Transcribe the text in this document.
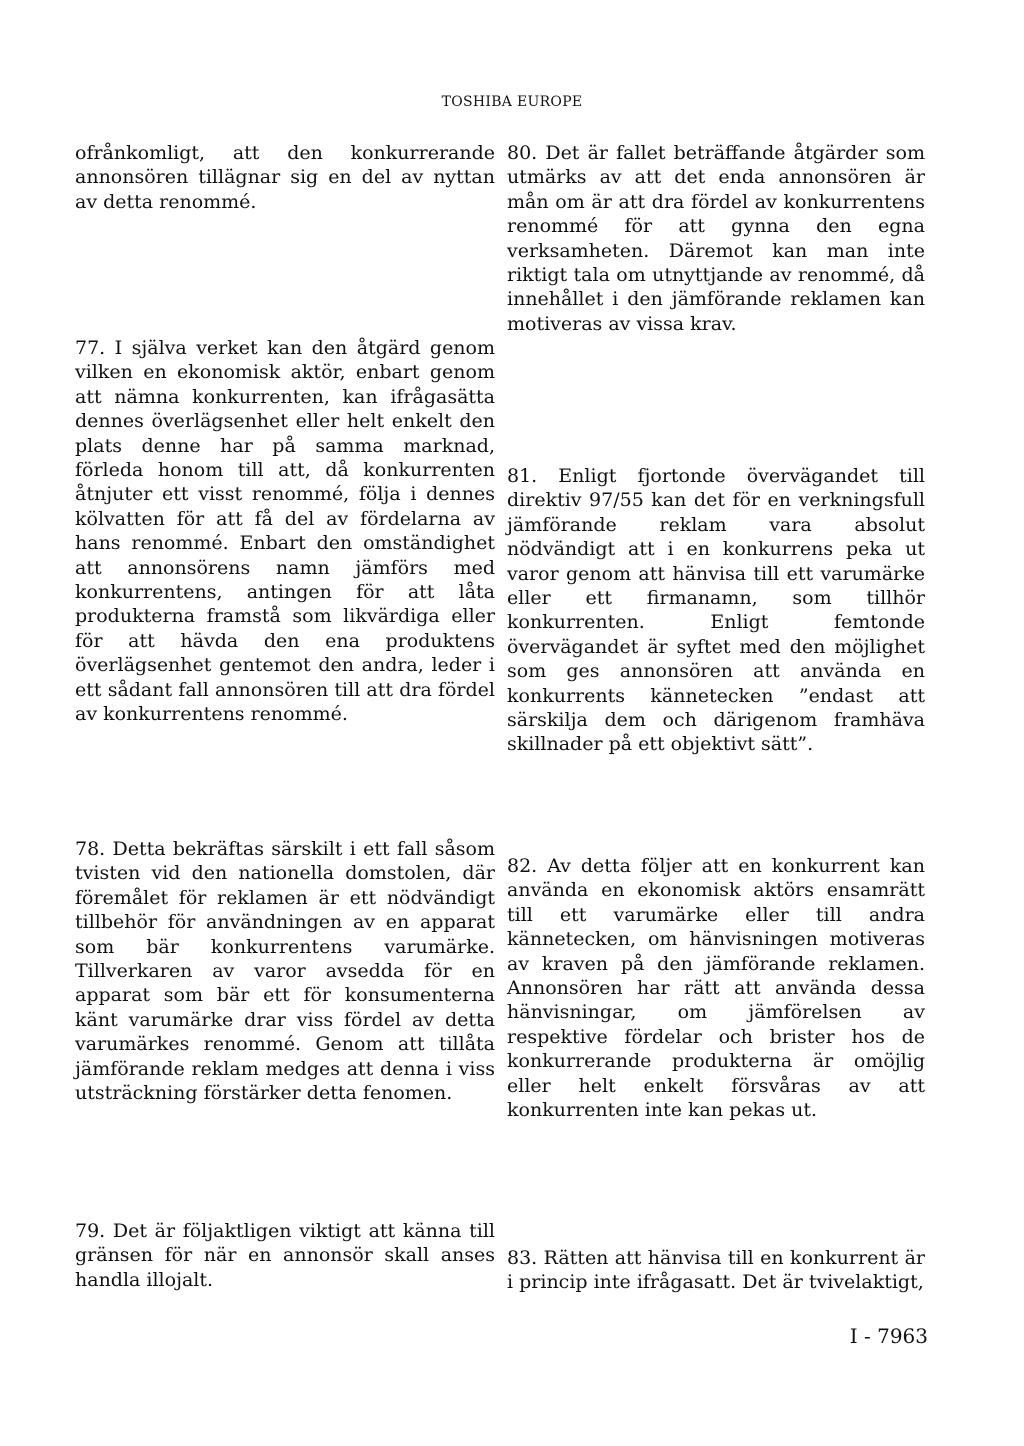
TOSHIBA EUROPE

ofrånkomligt, att den konkurrerande annonsören tillägnar sig en del av nyttan av detta renommé.

77. I själva verket kan den åtgärd genom vilken en ekonomisk aktör, enbart genom att nämna konkurrenten, kan ifrågasätta dennes överlägsenhet eller helt enkelt den plats denne har på samma marknad, förleda honom till att, då konkurrenten åtnjuter ett visst renommé, följa i dennes kölvatten för att få del av fördelarna av hans renommé. Enbart den omständighet att annonsörens namn jämförs med konkurrentens, antingen för att låta produkterna framstå som likvärdiga eller för att hävda den ena produktens överlägsenhet gentemot den andra, leder i ett sådant fall annonsören till att dra fördel av konkurrentens renommé.

78. Detta bekräftas särskilt i ett fall såsom tvisten vid den nationella domstolen, där föremålet för reklamen är ett nödvändigt tillbehör för användningen av en apparat som bär konkurrentens varumärke. Tillverkaren av varor avsedda för en apparat som bär ett för konsumenterna känt varumärke drar viss fördel av detta varumärkes renommé. Genom att tillåta jämförande reklam medges att denna i viss utsträckning förstärker detta fenomen.

79. Det är följaktligen viktigt att känna till gränsen för när en annonsör skall anses handla illojalt.

80. Det är fallet beträffande åtgärder som utmärks av att det enda annonsören är mån om är att dra fördel av konkurrentens renommé för att gynna den egna verksamheten. Däremot kan man inte riktigt tala om utnyttjande av renommé, då innehållet i den jämförande reklamen kan motiveras av vissa krav.

81. Enligt fjortonde övervägandet till direktiv 97/55 kan det för en verkningsfull jämförande reklam vara absolut nödvändigt att i en konkurrens peka ut varor genom att hänvisa till ett varumärke eller ett firmanamn, som tillhör konkurrenten. Enligt femtonde övervägandet är syftet med den möjlighet som ges annonsören att använda en konkurrents kännetecken ”endast att särskilja dem och därigenom framhäva skillnader på ett objektivt sätt”.

82. Av detta följer att en konkurrent kan använda en ekonomisk aktörs ensamrätt till ett varumärke eller till andra kännetecken, om hänvisningen motiveras av kraven på den jämförande reklamen. Annonsören har rätt att använda dessa hänvisningar, om jämförelsen av respektive fördelar och brister hos de konkurrerande produkterna är omöjlig eller helt enkelt försvåras av att konkurrenten inte kan pekas ut.

83. Rätten att hänvisa till en konkurrent är i princip inte ifrågasatt. Det är tvivelaktigt,

I - 7963
